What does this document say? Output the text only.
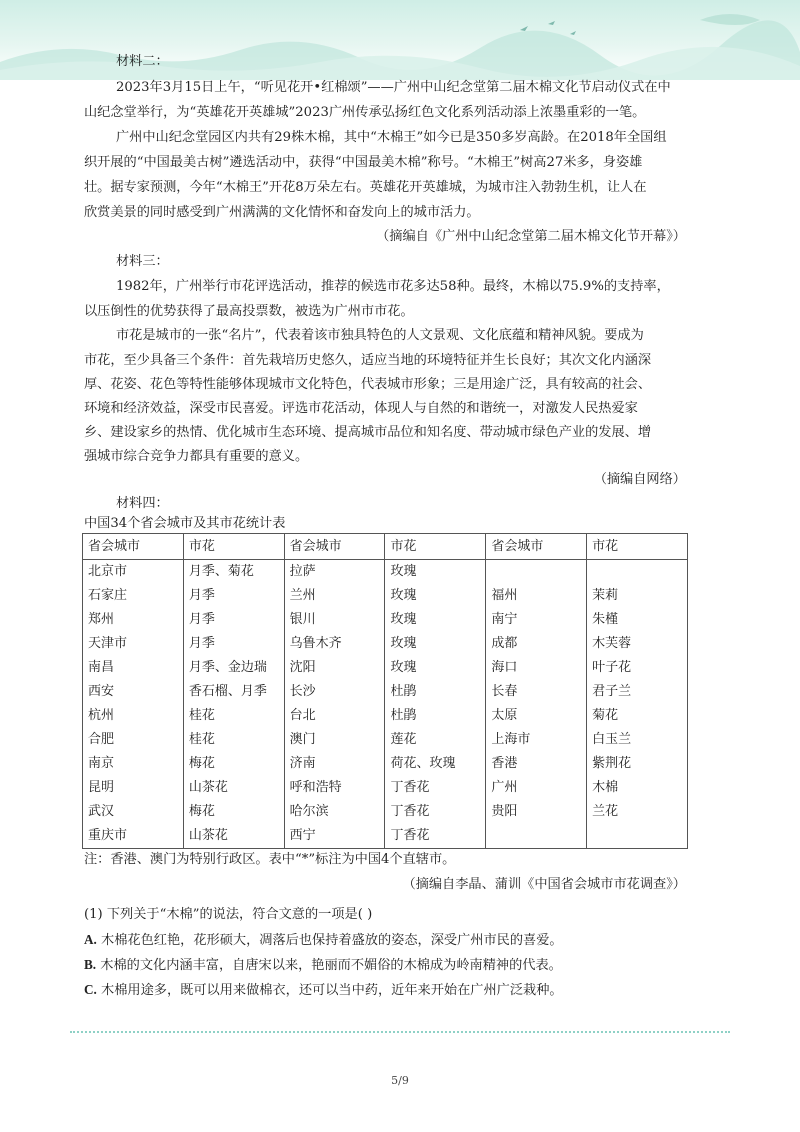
材料二：
2023年3月15日上午，“听见花开•红棉颂”——广州中山纪念堂第二届木棉文化节启动仪式在中
山纪念堂举行，为“英雄花开英雄城”2023广州传承弘扬红色文化系列活动添上浓墨重彩的一笔。
广州中山纪念堂园区内共有29株木棉，其中“木棉王”如今已是350多岁高龄。在2018年全国组
织开展的“中国最美古树”遴选活动中，获得“中国最美木棉”称号。“木棉王”树高27米多，身姿雄
壮。据专家预测，今年“木棉王”开花8万朵左右。英雄花开英雄城，为城市注入勃勃生机，让人在
欣赏美景的同时感受到广州满满的文化情怀和奋发向上的城市活力。
（摘编自《广州中山纪念堂第二届木棉文化节开幕》）
材料三：
1982年，广州举行市花评选活动，推荐的候选市花多达58种。最终，木棉以75.9%的支持率，
以压倒性的优势获得了最高投票数，被选为广州市市花。
市花是城市的一张“名片”，代表着该市独具特色的人文景观、文化底蕴和精神风貌。要成为
市花，至少具备三个条件：首先栽培历史悠久，适应当地的环境特征并生长良好；其次文化内涵深
厚、花姿、花色等特性能够体现城市文化特色，代表城市形象；三是用途广泛，具有较高的社会、
环境和经济效益，深受市民喜爱。评选市花活动，体现人与自然的和谐统一，对激发人民热爱家
乡、建设家乡的热情、优化城市生态环境、提高城市品位和知名度、带动城市绿色产业的发展、增
强城市综合竞争力都具有重要的意义。
（摘编自网络）
材料四：
中国34个省会城市及其市花统计表
省会城市	市花	省会城市	市花	省会城市	市花
北京市	月季、菊花	拉萨	玫瑰		
石家庄	月季	兰州	玫瑰	福州	茉莉
郑州	月季	银川	玫瑰	南宁	朱槿
天津市	月季	乌鲁木齐	玫瑰	成都	木芙蓉
南昌	月季、金边瑞	沈阳	玫瑰	海口	叶子花
西安	香石榴、月季	长沙	杜鹃	长春	君子兰
杭州	桂花	台北	杜鹃	太原	菊花
合肥	桂花	澳门	莲花	上海市	白玉兰
南京	梅花	济南	荷花、玫瑰	香港	紫荆花
昆明	山茶花	呼和浩特	丁香花	广州	木棉
武汉	梅花	哈尔滨	丁香花	贵阳	兰花
重庆市	山茶花	西宁	丁香花		
注：香港、澳门为特别行政区。表中“*”标注为中国4个直辖市。
（摘编自李晶、蒲训《中国省会城市市花调查》）
(1) 下列关于“木棉”的说法，符合文意的一项是( )
A. 木棉花色红艳，花形硕大，凋落后也保持着盛放的姿态，深受广州市民的喜爱。
B. 木棉的文化内涵丰富，自唐宋以来，艳丽而不媚俗的木棉成为岭南精神的代表。
C. 木棉用途多，既可以用来做棉衣，还可以当中药，近年来开始在广州广泛栽种。
5/9
